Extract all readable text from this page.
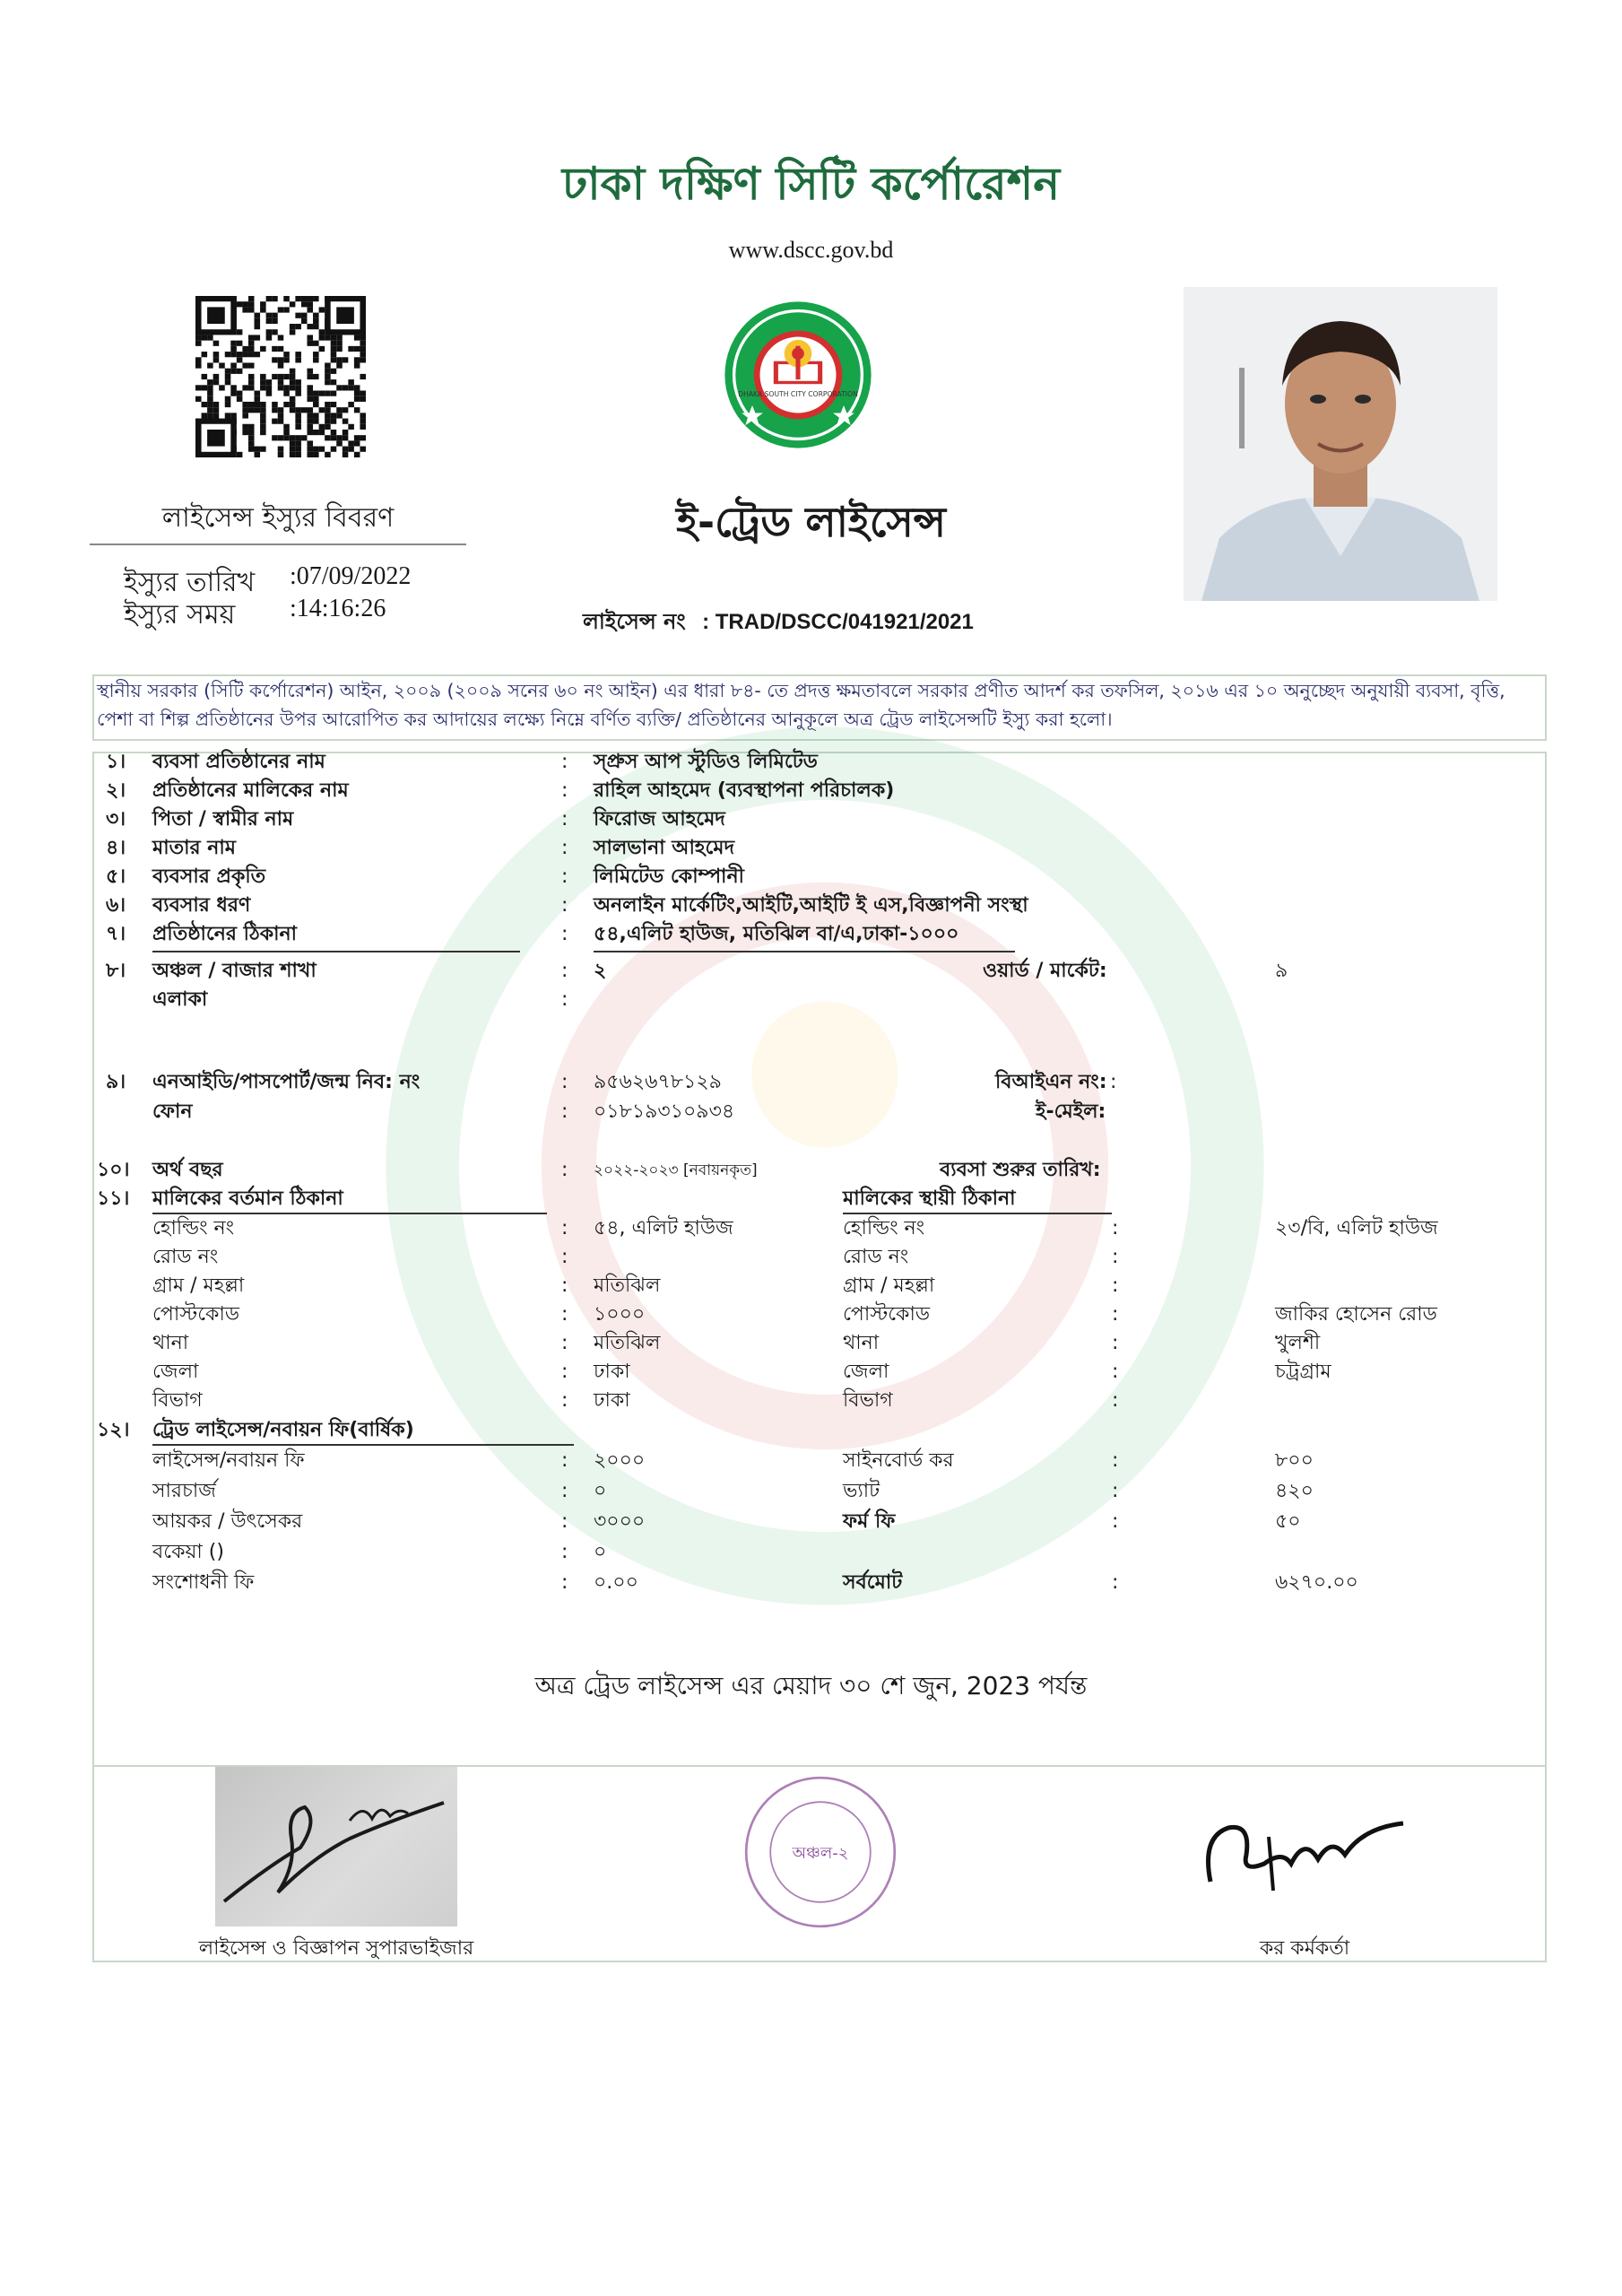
ঢাকা দক্ষিণ সিটি কর্পোরেশন
www.dscc.gov.bd
DHAKA SOUTH CITY CORPORATION
লাইসেন্স ইস্যুর বিবরণ
ইস্যুর তারিখ :07/09/2022
ইস্যুর সময় :14:16:26
ই-ট্রেড লাইসেন্স
লাইসেন্স নং : TRAD/DSCC/041921/2021
স্থানীয় সরকার (সিটি কর্পোরেশন) আইন, ২০০৯ (২০০৯ সনের ৬০ নং আইন) এর ধারা ৮৪- তে প্রদত্ত ক্ষমতাবলে সরকার প্রণীত আদর্শ কর তফসিল, ২০১৬ এর ১০ অনুচ্ছেদ অনুযায়ী ব্যবসা, বৃত্তি, পেশা বা শিল্প প্রতিষ্ঠানের উপর আরোপিত কর আদায়ের লক্ষ্যে নিম্নে বর্ণিত ব্যক্তি/ প্রতিষ্ঠানের আনুকূলে অত্র ট্রেড লাইসেন্সটি ইস্যু করা হলো।
১। ব্যবসা প্রতিষ্ঠানের নাম	: স্প্রুস আপ স্টুডিও লিমিটেড
২। প্রতিষ্ঠানের মালিকের নাম	: রাহিল আহমেদ (ব্যবস্থাপনা পরিচালক)
৩। পিতা / স্বামীর নাম	: ফিরোজ আহমেদ
৪। মাতার নাম	: সালভানা আহমেদ
৫। ব্যবসার প্রকৃতি	: লিমিটেড কোম্পানী
৬। ব্যবসার ধরণ	: অনলাইন মার্কেটিং,আইটি,আইটি ই এস,বিজ্ঞাপনী সংস্থা
৭। প্রতিষ্ঠানের ঠিকানা	: ৫৪,এলিট হাউজ, মতিঝিল বা/এ,ঢাকা-১০০০
৮। অঞ্চল / বাজার শাখা	: ২	ওয়ার্ড / মার্কেট:	৯
এলাকা	:
৯। এনআইডি/পাসপোর্ট/জন্ম নিব: নং	: ৯৫৬২৬৭৮১২৯	বিআইএন নং: :
ফোন	: ০১৮১৯৩১০৯৩৪	ই-মেইল:
১০। অর্থ বছর	: ২০২২-২০২৩ [নবায়নকৃত]	ব্যবসা শুরুর তারিখ:
১১। মালিকের বর্তমান ঠিকানা	মালিকের স্থায়ী ঠিকানা
হোল্ডিং নং	: ৫৪, এলিট হাউজ	হোল্ডিং নং	:	২৩/বি, এলিট হাউজ
রোড নং	:	রোড নং	:
গ্রাম / মহল্লা	: মতিঝিল	গ্রাম / মহল্লা	:
পোস্টকোড	: ১০০০	পোস্টকোড	:	জাকির হোসেন রোড
থানা	: মতিঝিল	থানা	:	খুলশী
জেলা	: ঢাকা	জেলা	:	চট্রগ্রাম
বিভাগ	: ঢাকা	বিভাগ	:
১২। ট্রেড লাইসেন্স/নবায়ন ফি(বার্ষিক)
লাইসেন্স/নবায়ন ফি	: ২০০০	সাইনবোর্ড কর	:	৮০০
সারচার্জ	: ০	ভ্যাট	:	৪২০
আয়কর / উৎসেকর	: ৩০০০	ফর্ম ফি	:	৫০
বকেয়া ()	: ০
সংশোধনী ফি	: ০.০০	সর্বমোট	:	৬২৭০.০০
অত্র ট্রেড লাইসেন্স এর মেয়াদ ৩০ শে জুন, 2023 পর্যন্ত
অঞ্চল-২
লাইসেন্স ও বিজ্ঞাপন সুপারভাইজার	কর কর্মকর্তা
